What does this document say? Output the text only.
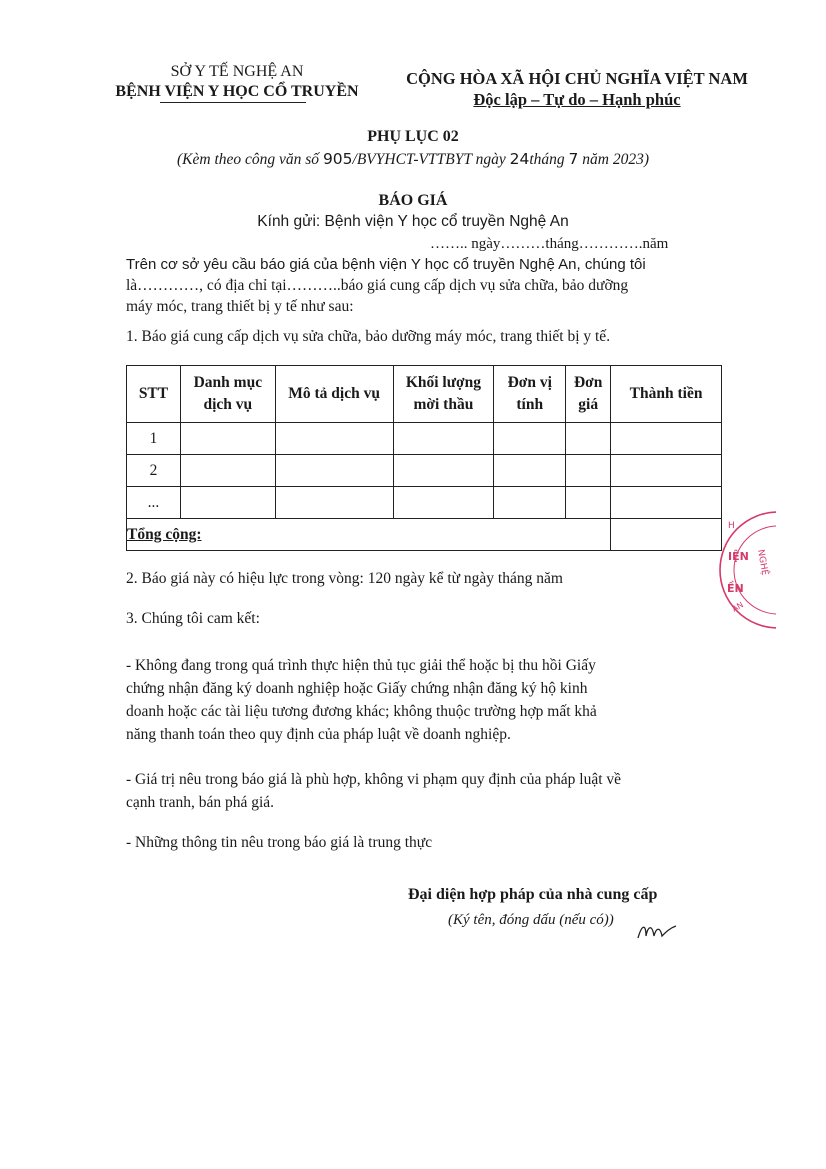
SỞ Y TẾ NGHỆ AN
BỆNH VIỆN Y HỌC CỔ TRUYỀN
CỘNG HÒA XÃ HỘI CHỦ NGHĨA VIỆT NAM
Độc lập – Tự do – Hạnh phúc
PHỤ LỤC 02
(Kèm theo công văn số 905/BVYHCT-VTTBYT ngày 24tháng 7 năm 2023)
BÁO GIÁ
Kính gửi: Bệnh viện Y học cổ truyền Nghệ An
…….. ngày………tháng………….năm
Trên cơ sở yêu cầu báo giá của bệnh viện Y học cổ truyền Nghệ An, chúng tôi
là…………, có địa chỉ tại………..báo giá cung cấp dịch vụ sửa chữa, bảo dưỡng
máy móc, trang thiết bị y tế như sau:
1. Báo giá cung cấp dịch vụ sửa chữa, bảo dưỡng máy móc, trang thiết bị y tế.
STT	Danh mục dịch vụ	Mô tả dịch vụ	Khối lượng mời thầu	Đơn vị tính	Đơn giá	Thành tiền
1						
2						
...						
Tổng cộng:						
2. Báo giá này có hiệu lực trong vòng: 120 ngày kể từ ngày tháng năm
3. Chúng tôi cam kết:
- Không đang trong quá trình thực hiện thủ tục giải thể hoặc bị thu hồi Giấy
chứng nhận đăng ký doanh nghiệp hoặc Giấy chứng nhận đăng ký hộ kinh
doanh hoặc các tài liệu tương đương khác; không thuộc trường hợp mất khả
năng thanh toán theo quy định của pháp luật về doanh nghiệp.
- Giá trị nêu trong báo giá là phù hợp, không vi phạm quy định của pháp luật về
cạnh tranh, bán phá giá.
- Những thông tin nêu trong báo giá là trung thực
Đại diện hợp pháp của nhà cung cấp
(Ký tên, đóng dấu (nếu có))
H
IỆN
ỀN
NGHỆ
AN
